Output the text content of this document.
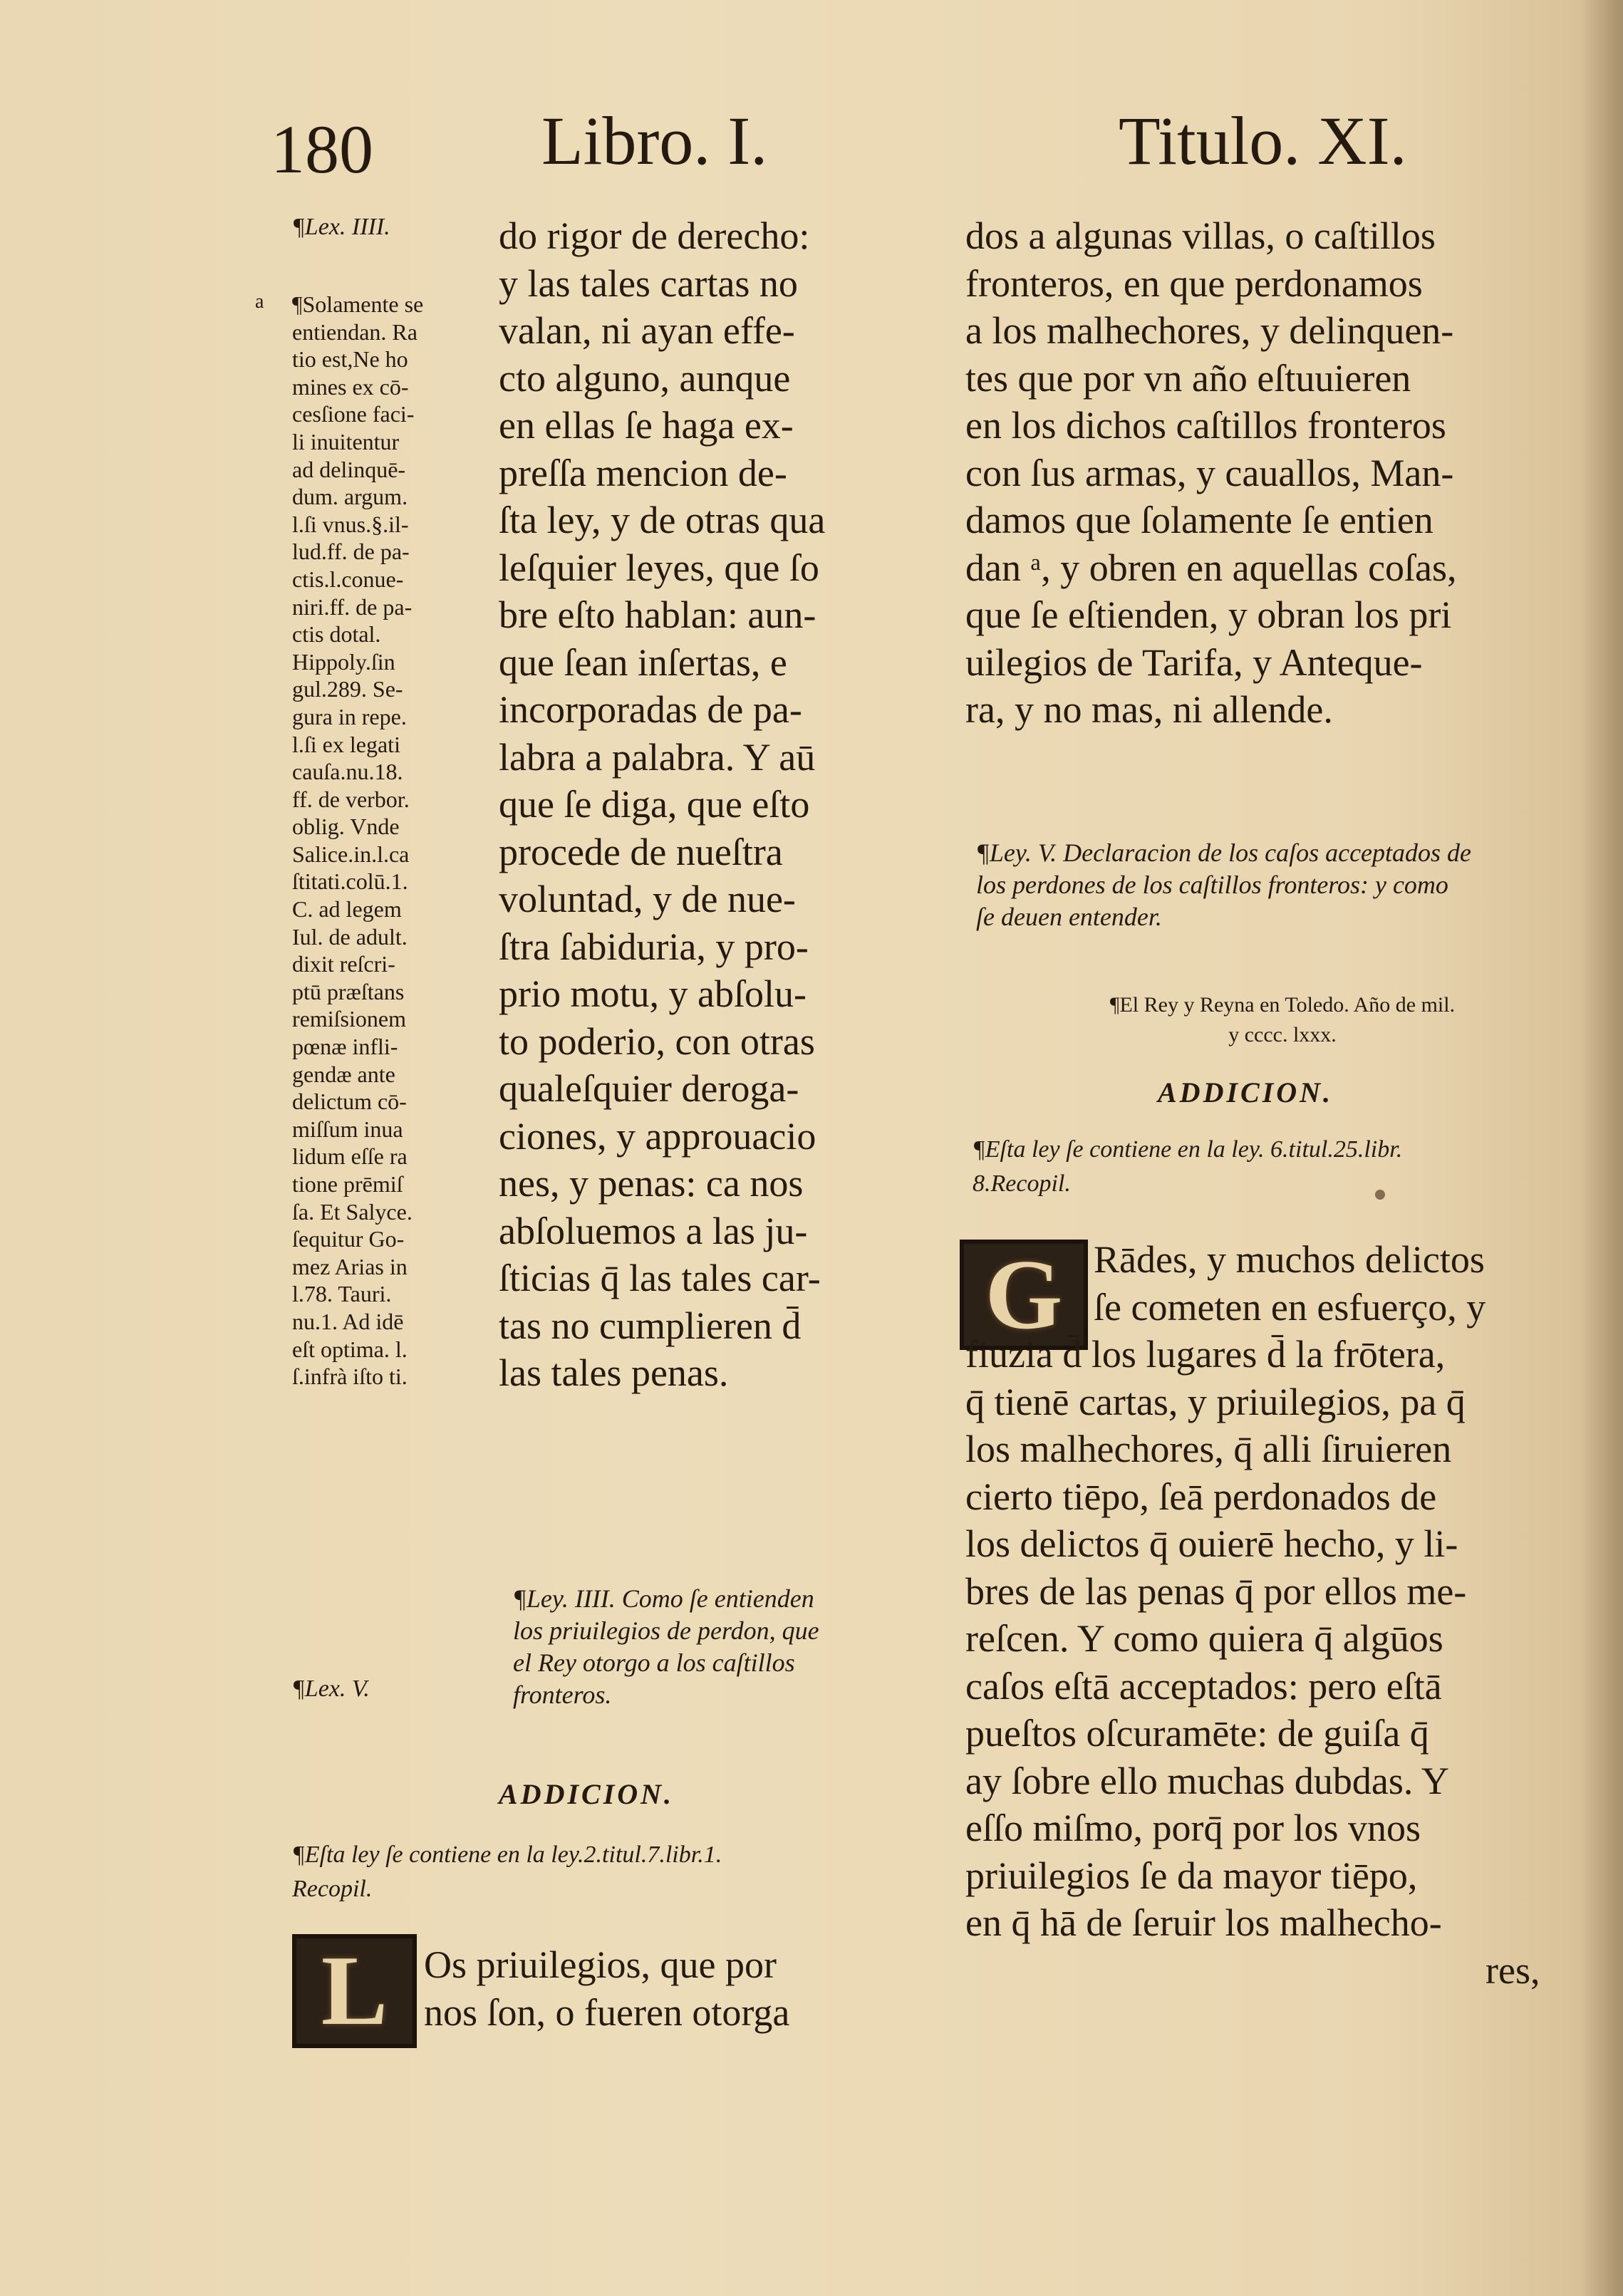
180 Libro. I.	Titulo. XI.
¶Lex. IIII.
a ¶Solamente se
entiendan. Ra
tio est,Ne ho
mines ex cō-
cesſione faci-
li inuitentur
ad delinquē-
dum. argum.
l.ſi vnus.§.il-
lud.ff. de pa-
ctis.l.conue-
niri.ff. de pa-
ctis dotal.
Hippoly.ſin
gul.289. Se-
gura in repe.
l.ſi ex legati
cauſa.nu.18.
ff. de verbor.
oblig. Vnde
Salice.in.l.ca
ſtitati.colū.1.
C. ad legem
Iul. de adult.
dixit reſcri-
ptū præſtans
remiſsionem
pœnæ infli-
gendæ ante
delictum cō-
miſſum inua
lidum eſſe ra
tione prēmiſ
ſa. Et Salyce.
ſequitur Go-
mez Arias in
l.78. Tauri.
nu.1. Ad idē
eſt optima. l.
ſ.infrà iſto ti.
¶Lex. V.
do rigor de derecho:
y las tales cartas no
valan, ni ayan effe-
cto alguno, aunque
en ellas ſe haga ex-
preſſa mencion de-
ſta ley, y de otras qua
leſquier leyes, que ſo
bre eſto hablan: aun-
que ſean inſertas, e
incorporadas de pa-
labra a palabra. Y aū
que ſe diga, que eſto
procede de nueſtra
voluntad, y de nue-
ſtra ſabiduria, y pro-
prio motu, y abſolu-
to poderio, con otras
qualeſquier deroga-
ciones, y approuacio
nes, y penas: ca nos
abſoluemos a las ju-
ſticias q̄ las tales car-
tas no cumplieren d̄
las tales penas.
¶Ley. IIII. Como ſe entienden
los priuilegios de perdon, que
el Rey otorgo a los caſtillos
fronteros.
ADDICION.
¶Eſta ley ſe contiene en la ley.2.titul.7.libr.1.
Recopil.
L Os priuilegios, que por
nos ſon, o fueren otorga
dos a algunas villas, o caſtillos
fronteros, en que perdonamos
a los malhechores, y delinquen-
tes que por vn año eſtuuieren
en los dichos caſtillos fronteros
con ſus armas, y cauallos, Man-
damos que ſolamente ſe entien
dan ᵃ, y obren en aquellas coſas,
que ſe eſtienden, y obran los pri
uilegios de Tarifa, y Anteque-
ra, y no mas, ni allende.
¶Ley. V. Declaracion de los caſos acceptados de
los perdones de los caſtillos fronteros: y como
ſe deuen entender.
¶El Rey y Reyna en Toledo. Año de mil.
y cccc. lxxx.
ADDICION.
¶Eſta ley ſe contiene en la ley. 6.titul.25.libr.
8.Recopil.
G Rādes, y muchos delictos
ſe cometen en esfuerço, y
fiuzia d̄ los lugares d̄ la frōtera,
q̄ tienē cartas, y priuilegios, pa q̄
los malhechores, q̄ alli ſiruieren
cierto tiēpo, ſeā perdonados de
los delictos q̄ ouierē hecho, y li-
bres de las penas q̄ por ellos me-
reſcen. Y como quiera q̄ algūos
caſos eſtā acceptados: pero eſtā
pueſtos oſcuramēte: de guiſa q̄
ay ſobre ello muchas dubdas. Y
eſſo miſmo, porq̄ por los vnos
priuilegios ſe da mayor tiēpo,
en q̄ hā de ſeruir los malhecho-
res,
